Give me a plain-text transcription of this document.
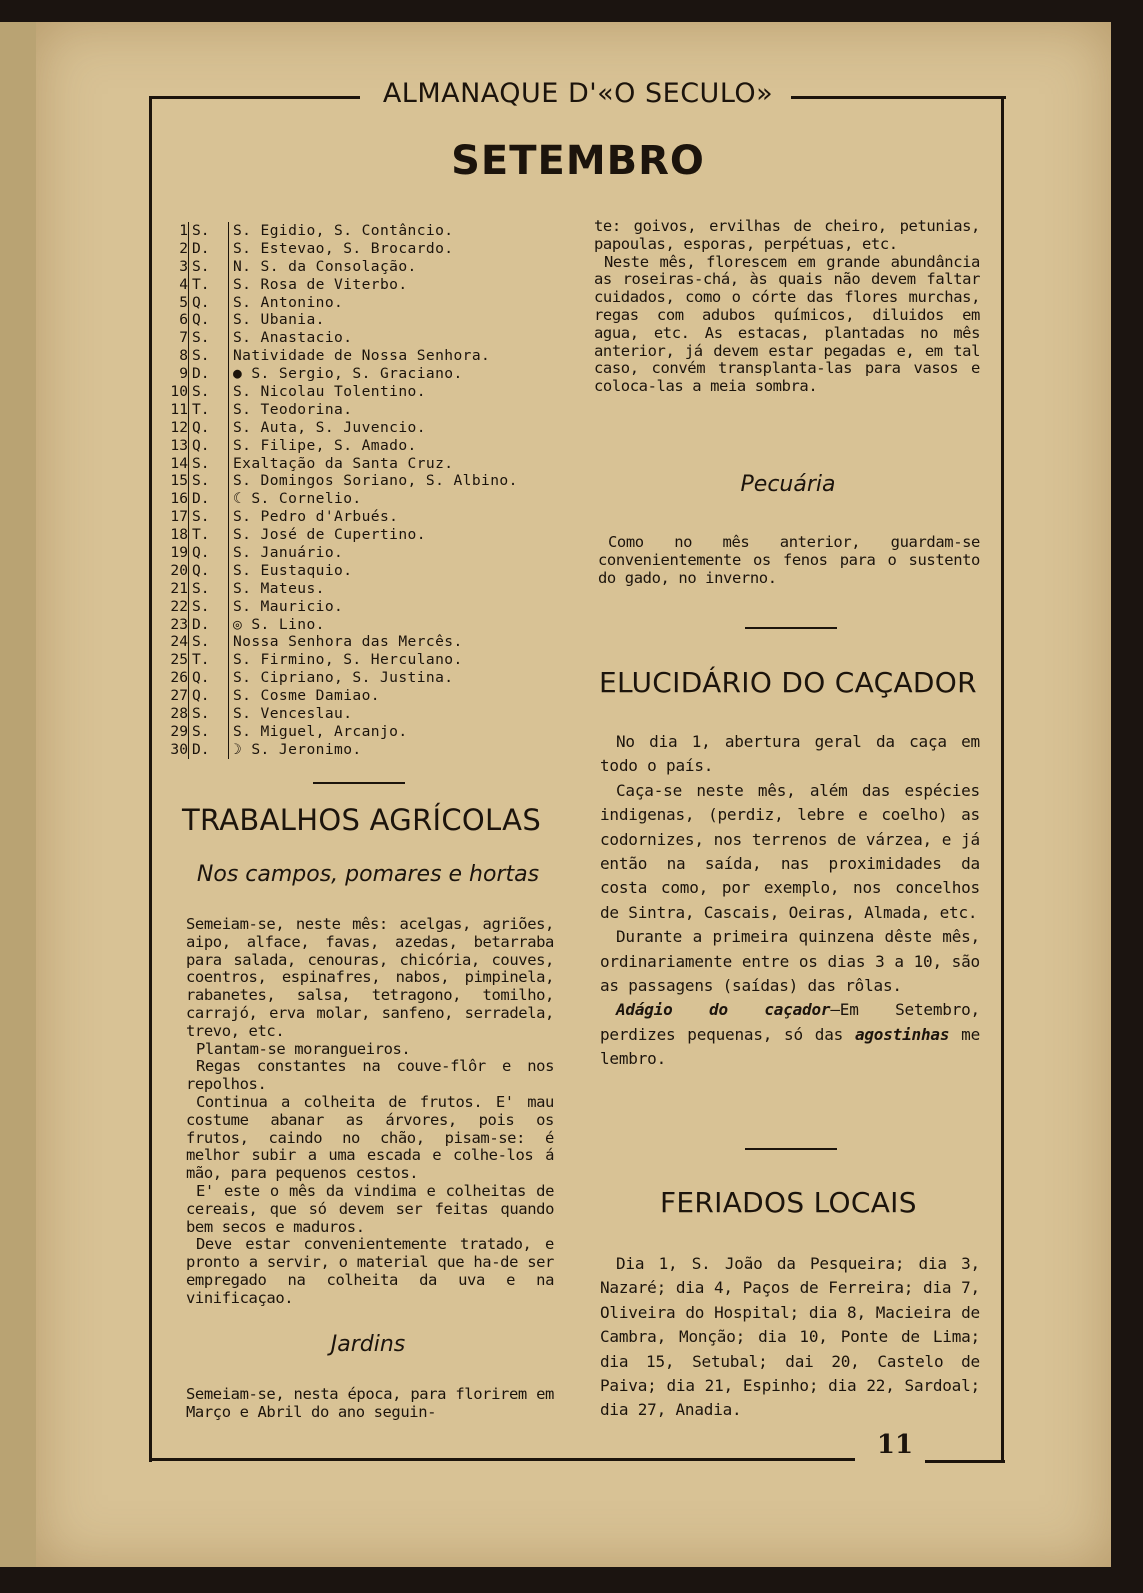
ALMANAQUE D'«O SECULO»
11
SETEMBRO
1 S.	S. Egidio, S. Contâncio.
2 D.	S. Estevao, S. Brocardo.
3 S.	N. S. da Consolação.
4 T.	S. Rosa de Viterbo.
5 Q.	S. Antonino.
6 Q.	S. Ubania.
7 S.	S. Anastacio.
8 S.	Natividade de Nossa Senhora.
9 D.	● S. Sergio, S. Graciano.
10 S.	S. Nicolau Tolentino.
11 T.	S. Teodorina.
12 Q.	S. Auta, S. Juvencio.
13 Q.	S. Filipe, S. Amado.
14 S.	Exaltação da Santa Cruz.
15 S.	S. Domingos Soriano, S. Albino.
16 D.	☾ S. Cornelio.
17 S.	S. Pedro d'Arbués.
18 T.	S. José de Cupertino.
19 Q.	S. Januário.
20 Q.	S. Eustaquio.
21 S.	S. Mateus.
22 S.	S. Mauricio.
23 D.	◎ S. Lino.
24 S.	Nossa Senhora das Mercês.
25 T.	S. Firmino, S. Herculano.
26 Q.	S. Cipriano, S. Justina.
27 Q.	S. Cosme Damiao.
28 S.	S. Venceslau.
29 S.	S. Miguel, Arcanjo.
30 D.	☽ S. Jeronimo.
TRABALHOS AGRÍCOLAS
Nos campos, pomares e hortas

Semeiam-se, neste mês: acelgas, agriões, aipo, alface, favas, azedas, betarraba para salada, cenouras, chicória, couves, coentros, espinafres, nabos, pimpinela, rabanetes, salsa, tetragono, tomilho, carrajó, erva molar, sanfeno, serradela, trevo, etc.

Plantam-se morangueiros.

Regas constantes na couve-flôr e nos repolhos.

Continua a colheita de frutos. E' mau costume abanar as árvores, pois os frutos, caindo no chão, pisam-se: é melhor subir a uma escada e colhe-los á mão, para pequenos cestos.

E' este o mês da vindima e colheitas de cereais, que só devem ser feitas quando bem secos e maduros.

Deve estar convenientemente tratado, e pronto a servir, o material que ha-de ser empregado na colheita da uva e na vinificaçao.

Jardins

Semeiam-se, nesta época, para florirem em Março e Abril do ano seguin-

te: goivos, ervilhas de cheiro, petunias, papoulas, esporas, perpétuas, etc.

Neste mês, florescem em grande abundância as roseiras-chá, às quais não devem faltar cuidados, como o córte das flores murchas, regas com adubos químicos, diluidos em agua, etc. As estacas, plantadas no mês anterior, já devem estar pegadas e, em tal caso, convém transplanta-las para vasos e coloca-las a meia sombra.

Pecuária

Como no mês anterior, guardam-se convenientemente os fenos para o sustento do gado, no inverno.

ELUCIDÁRIO DO CAÇADOR

No dia 1, abertura geral da caça em todo o país.

Caça-se neste mês, além das espécies indigenas, (perdiz, lebre e coelho) as codornizes, nos terrenos de várzea, e já então na saída, nas proximidades da costa como, por exemplo, nos concelhos de Sintra, Cascais, Oeiras, Almada, etc.

Durante a primeira quinzena dêste mês, ordinariamente entre os dias 3 a 10, são as passagens (saídas) das rôlas.

Adágio do caçador—Em Setembro, perdizes pequenas, só das agostinhas me lembro.

FERIADOS LOCAIS

Dia 1, S. João da Pesqueira; dia 3, Nazaré; dia 4, Paços de Ferreira; dia 7, Oliveira do Hospital; dia 8, Macieira de Cambra, Monção; dia 10, Ponte de Lima; dia 15, Setubal; dai 20, Castelo de Paiva; dia 21, Espinho; dia 22, Sardoal; dia 27, Anadia.
